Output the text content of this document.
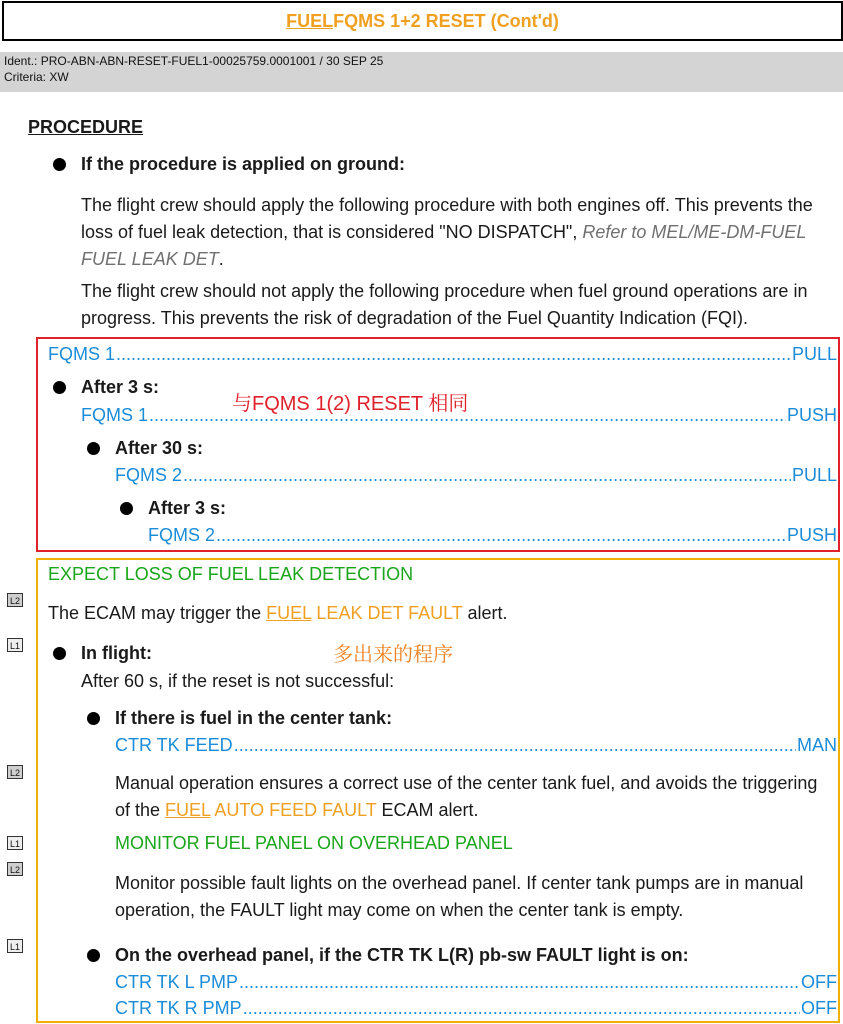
FUEL FQMS 1+2 RESET (Cont'd)
Ident.: PRO-ABN-ABN-RESET-FUEL1-00025759.0001001 / 30 SEP 25
Criteria: XW
PROCEDURE
If the procedure is applied on ground:
The flight crew should apply the following procedure with both engines off. This prevents the
loss of fuel leak detection, that is considered "NO DISPATCH", Refer to MEL/ME-DM-FUEL
FUEL LEAK DET.
The flight crew should not apply the following procedure when fuel ground operations are in
progress. This prevents the risk of degradation of the Fuel Quantity Indication (FQI).
FQMS 1 .....	PULL
After 3 s:
与FQMS 1(2) RESET 相同
FQMS 1 .....	PUSH
After 30 s:
FQMS 2 .....	PULL
After 3 s:
FQMS 2 .....	PUSH
EXPECT LOSS OF FUEL LEAK DETECTION
L2
The ECAM may trigger the FUEL LEAK DET FAULT alert.
L1	In flight:	多出来的程序
After 60 s, if the reset is not successful:
If there is fuel in the center tank:
CTR TK FEED .....	MAN
L2	Manual operation ensures a correct use of the center tank fuel, and avoids the triggering
of the FUEL AUTO FEED FAULT ECAM alert.
L1	MONITOR FUEL PANEL ON OVERHEAD PANEL
L2
Monitor possible fault lights on the overhead panel. If center tank pumps are in manual
operation, the FAULT light may come on when the center tank is empty.
L1	On the overhead panel, if the CTR TK L(R) pb-sw FAULT light is on:
CTR TK L PMP .....	OFF
CTR TK R PMP .....	OFF
